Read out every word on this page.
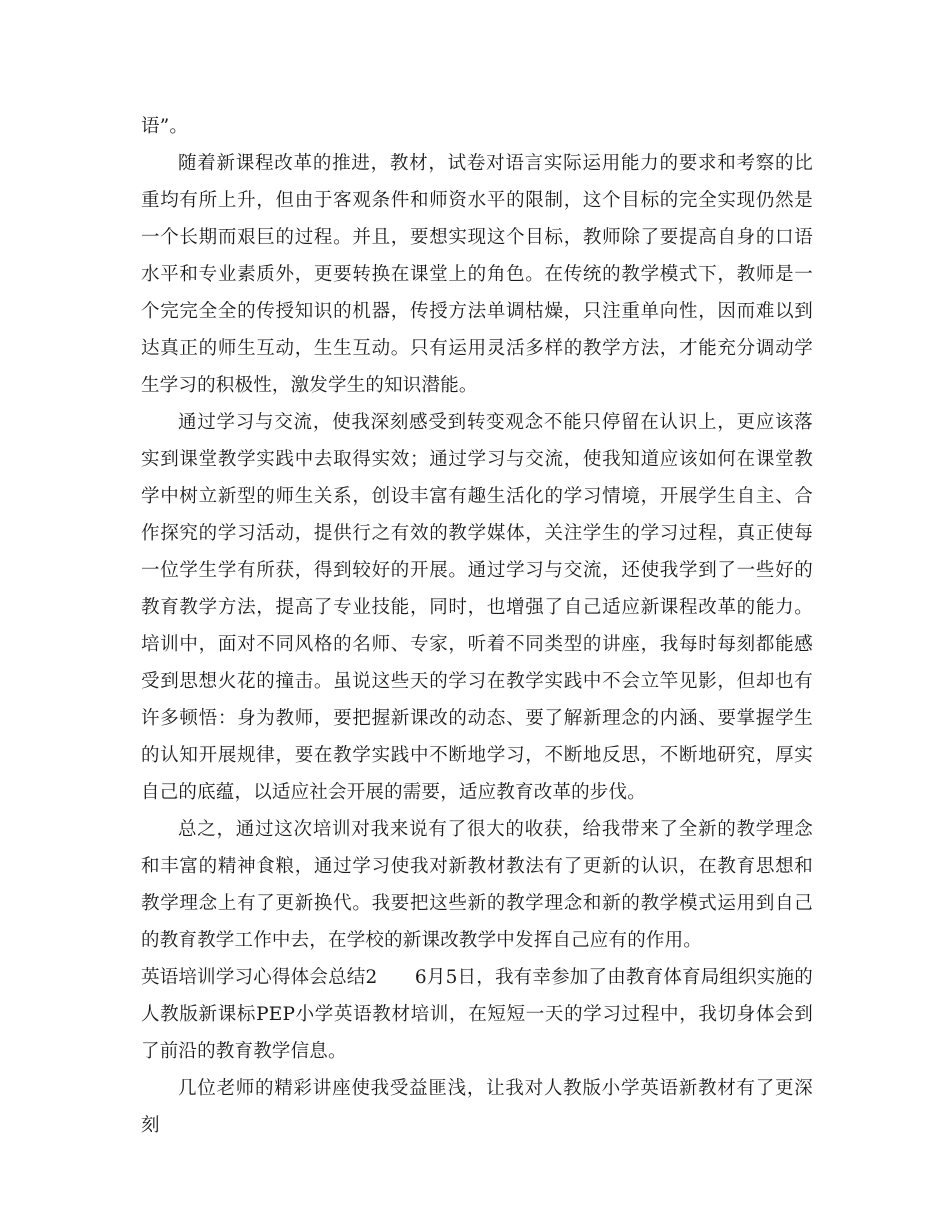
语”。

随着新课程改革的推进，教材，试卷对语言实际运用能力的要求和考察的比重均有所上升，但由于客观条件和师资水平的限制，这个目标的完全实现仍然是一个长期而艰巨的过程。并且，要想实现这个目标，教师除了要提高自身的口语水平和专业素质外，更要转换在课堂上的角色。在传统的教学模式下，教师是一个完完全全的传授知识的机器，传授方法单调枯燥，只注重单向性，因而难以到达真正的师生互动，生生互动。只有运用灵活多样的教学方法，才能充分调动学生学习的积极性，激发学生的知识潜能。

通过学习与交流，使我深刻感受到转变观念不能只停留在认识上，更应该落实到课堂教学实践中去取得实效；通过学习与交流，使我知道应该如何在课堂教学中树立新型的师生关系，创设丰富有趣生活化的学习情境，开展学生自主、合作探究的学习活动，提供行之有效的教学媒体，关注学生的学习过程，真正使每一位学生学有所获，得到较好的开展。通过学习与交流，还使我学到了一些好的教育教学方法，提高了专业技能，同时，也增强了自己适应新课程改革的能力。培训中，面对不同风格的名师、专家，听着不同类型的讲座，我每时每刻都能感受到思想火花的撞击。虽说这些天的学习在教学实践中不会立竿见影，但却也有许多顿悟：身为教师，要把握新课改的动态、要了解新理念的内涵、要掌握学生的认知开展规律，要在教学实践中不断地学习，不断地反思，不断地研究，厚实自己的底蕴，以适应社会开展的需要，适应教育改革的步伐。

总之，通过这次培训对我来说有了很大的收获，给我带来了全新的教学理念和丰富的精神食粮，通过学习使我对新教材教法有了更新的认识，在教育思想和教学理念上有了更新换代。我要把这些新的教学理念和新的教学模式运用到自己的教育教学工作中去，在学校的新课改教学中发挥自己应有的作用。

英语培训学习心得体会总结2　　6月5日，我有幸参加了由教育体育局组织实施的人教版新课标PEP小学英语教材培训，在短短一天的学习过程中，我切身体会到了前沿的教育教学信息。

几位老师的精彩讲座使我受益匪浅，让我对人教版小学英语新教材有了更深刻
